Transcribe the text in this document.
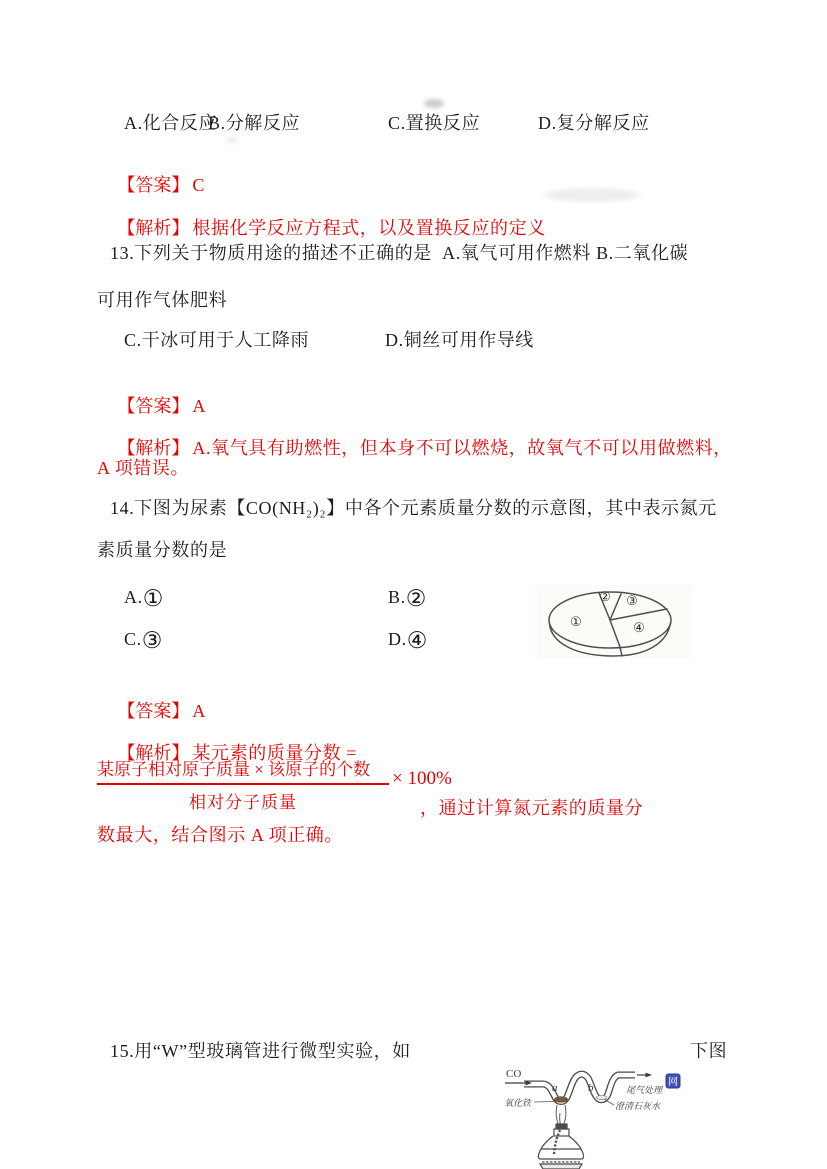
A.化合反应
B.分解反应	C.置换反应	D.复分解反应

【答案】 C

【解析】 根据化学反应方程式，以及置换反应的定义

13.下列关于物质用途的描述不正确的是  A.氧气可用作燃料 B.二氧化碳
可用作气体肥料
C.干冰可用于人工降雨	D.铜丝可用作导线

【答案】 A

【解析】 A.氧气具有助燃性，但本身不可以燃烧，故氧气不可以用做燃料，

A 项错误。
14.下图为尿素【CO(NH₂)₂】中各个元素质量分数的示意图，其中表示氮元
素质量分数的是
A.①	B.②
C.③	D.④
①
② ③
④

【答案】 A

【解析】 某元素的质量分数 =

某原子相对原子质量 × 该原子的个数
相对分子质量
× 100%
，通过计算氮元素的质量分
数最大，结合图示 A 项正确。
15.用“W”型玻璃管进行微型实验，如	下图
CO
a	b
氧化铁	澄清石灰水
尾气处理
网
